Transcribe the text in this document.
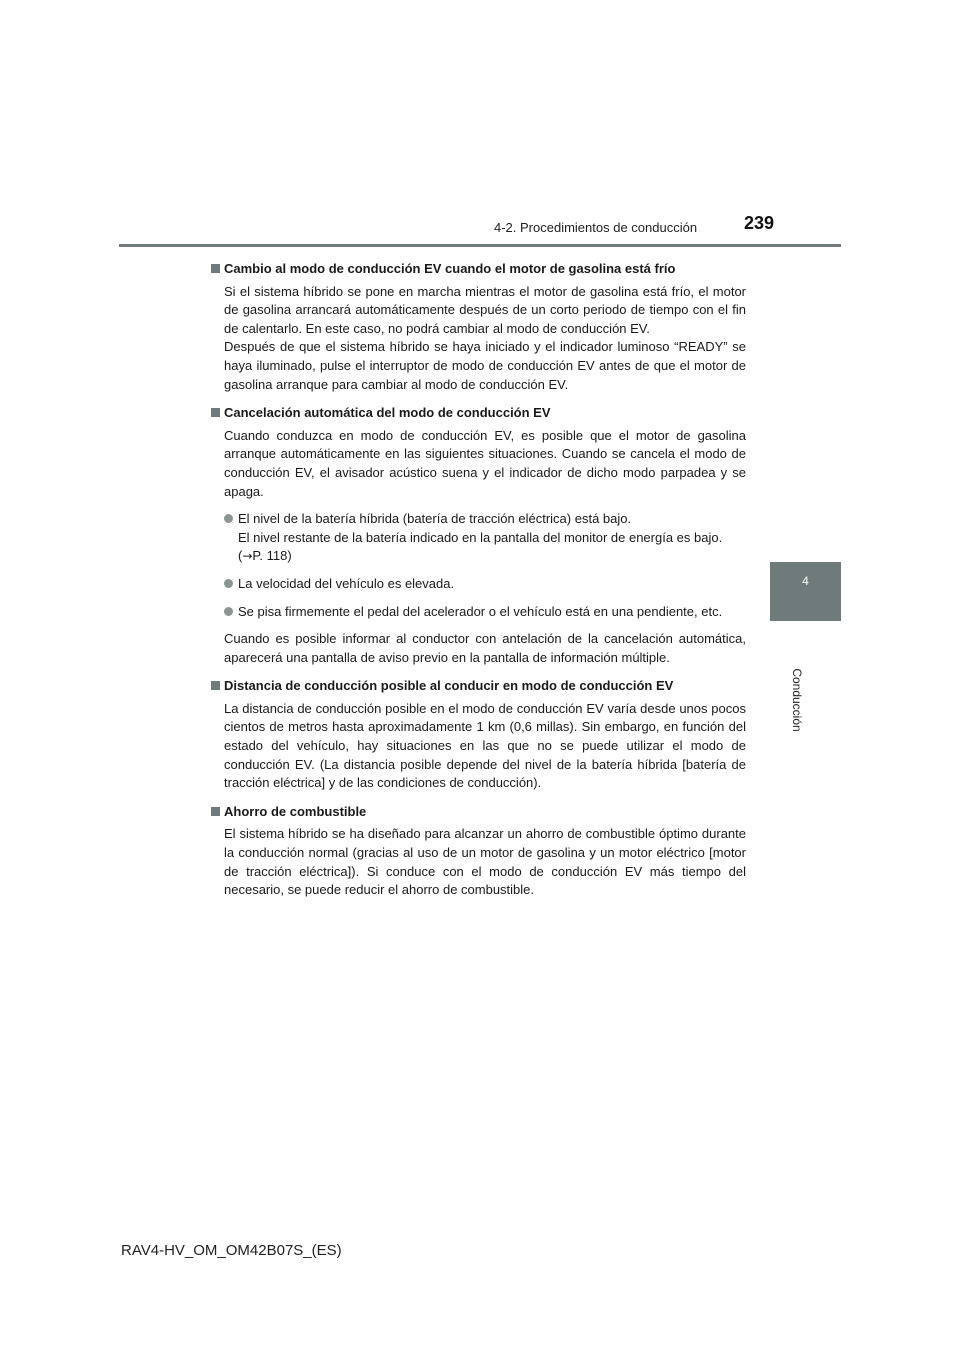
4-2. Procedimientos de conducción	239
4
Conducción
Cambio al modo de conducción EV cuando el motor de gasolina está frío
Si el sistema híbrido se pone en marcha mientras el motor de gasolina está frío, el motor de gasolina arrancará automáticamente después de un corto periodo de tiempo con el fin de calentarlo. En este caso, no podrá cambiar al modo de conducción EV.
Después de que el sistema híbrido se haya iniciado y el indicador luminoso “READY” se haya iluminado, pulse el interruptor de modo de conducción EV antes de que el motor de gasolina arranque para cambiar al modo de conducción EV.
Cancelación automática del modo de conducción EV
Cuando conduzca en modo de conducción EV, es posible que el motor de gasolina arranque automáticamente en las siguientes situaciones. Cuando se cancela el modo de conducción EV, el avisador acústico suena y el indicador de dicho modo parpadea y se apaga.
El nivel de la batería híbrida (batería de tracción eléctrica) está bajo.
El nivel restante de la batería indicado en la pantalla del monitor de energía es bajo.
(→P. 118)
La velocidad del vehículo es elevada.
Se pisa firmemente el pedal del acelerador o el vehículo está en una pendiente, etc.
Cuando es posible informar al conductor con antelación de la cancelación automática, aparecerá una pantalla de aviso previo en la pantalla de información múltiple.
Distancia de conducción posible al conducir en modo de conducción EV
La distancia de conducción posible en el modo de conducción EV varía desde unos pocos cientos de metros hasta aproximadamente 1 km (0,6 millas). Sin embargo, en función del estado del vehículo, hay situaciones en las que no se puede utilizar el modo de conducción EV. (La distancia posible depende del nivel de la batería híbrida [batería de tracción eléctrica] y de las condiciones de conducción).
Ahorro de combustible
El sistema híbrido se ha diseñado para alcanzar un ahorro de combustible óptimo durante la conducción normal (gracias al uso de un motor de gasolina y un motor eléctrico [motor de tracción eléctrica]). Si conduce con el modo de conducción EV más tiempo del necesario, se puede reducir el ahorro de combustible.
RAV4-HV_OM_OM42B07S_(ES)
carmanualsonline.info
